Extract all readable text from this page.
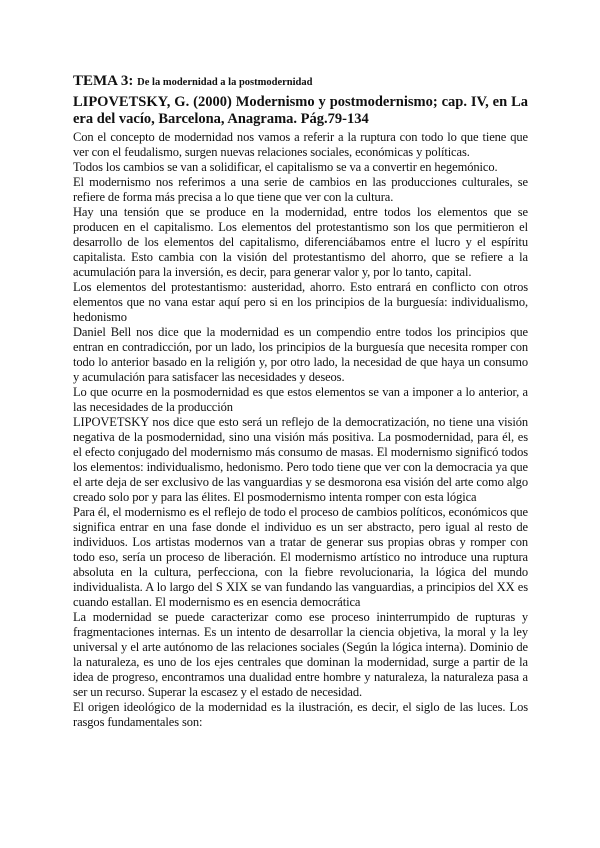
TEMA 3: De la modernidad a la postmodernidad
LIPOVETSKY, G. (2000) Modernismo y postmodernismo; cap. IV, en La era del vacío, Barcelona, Anagrama. Pág.79-134

Con el concepto de modernidad nos vamos a referir a la ruptura con todo lo que tiene que ver con el feudalismo, surgen nuevas relaciones sociales, económicas y políticas.

Todos los cambios se van a solidificar, el capitalismo se va a convertir en hegemónico.

El modernismo nos referimos a una serie de cambios en las producciones culturales, se refiere de forma más precisa a lo que tiene que ver con la cultura.

Hay una tensión que se produce en la modernidad, entre todos los elementos que se producen en el capitalismo. Los elementos del protestantismo son los que permitieron el desarrollo de los elementos del capitalismo, diferenciábamos entre el lucro y el espíritu capitalista. Esto cambia con la visión del protestantismo del ahorro, que se refiere a la acumulación para la inversión, es decir, para generar valor y, por lo tanto, capital.

Los elementos del protestantismo: austeridad, ahorro. Esto entrará en conflicto con otros elementos que no vana estar aquí pero si en los principios de la burguesía: individualismo, hedonismo

Daniel Bell nos dice que la modernidad es un compendio entre todos los principios que entran en contradicción, por un lado, los principios de la burguesía que necesita romper con todo lo anterior basado en la religión y, por otro lado, la necesidad de que haya un consumo y acumulación para satisfacer las necesidades y deseos.

Lo que ocurre en la posmodernidad es que estos elementos se van a imponer a lo anterior, a las necesidades de la producción

LIPOVETSKY nos dice que esto será un reflejo de la democratización, no tiene una visión negativa de la posmodernidad, sino una visión más positiva. La posmodernidad, para él, es el efecto conjugado del modernismo más consumo de masas. El modernismo significó todos los elementos: individualismo, hedonismo. Pero todo tiene que ver con la democracia ya que el arte deja de ser exclusivo de las vanguardias y se desmorona esa visión del arte como algo creado solo por y para las élites. El posmodernismo intenta romper con esta lógica

Para él, el modernismo es el reflejo de todo el proceso de cambios políticos, económicos que significa entrar en una fase donde el individuo es un ser abstracto, pero igual al resto de individuos. Los artistas modernos van a tratar de generar sus propias obras y romper con todo eso, sería un proceso de liberación. El modernismo artístico no introduce una ruptura absoluta en la cultura, perfecciona, con la fiebre revolucionaria, la lógica del mundo individualista. A lo largo del S XIX se van fundando las vanguardias, a principios del XX es cuando estallan. El modernismo es en esencia democrática

La modernidad se puede caracterizar como ese proceso ininterrumpido de rupturas y fragmentaciones internas. Es un intento de desarrollar la ciencia objetiva, la moral y la ley universal y el arte autónomo de las relaciones sociales (Según la lógica interna). Dominio de la naturaleza, es uno de los ejes centrales que dominan la modernidad, surge a partir de la idea de progreso, encontramos una dualidad entre hombre y naturaleza, la naturaleza pasa a ser un recurso. Superar la escasez y el estado de necesidad.

El origen ideológico de la modernidad es la ilustración, es decir, el siglo de las luces. Los rasgos fundamentales son:
